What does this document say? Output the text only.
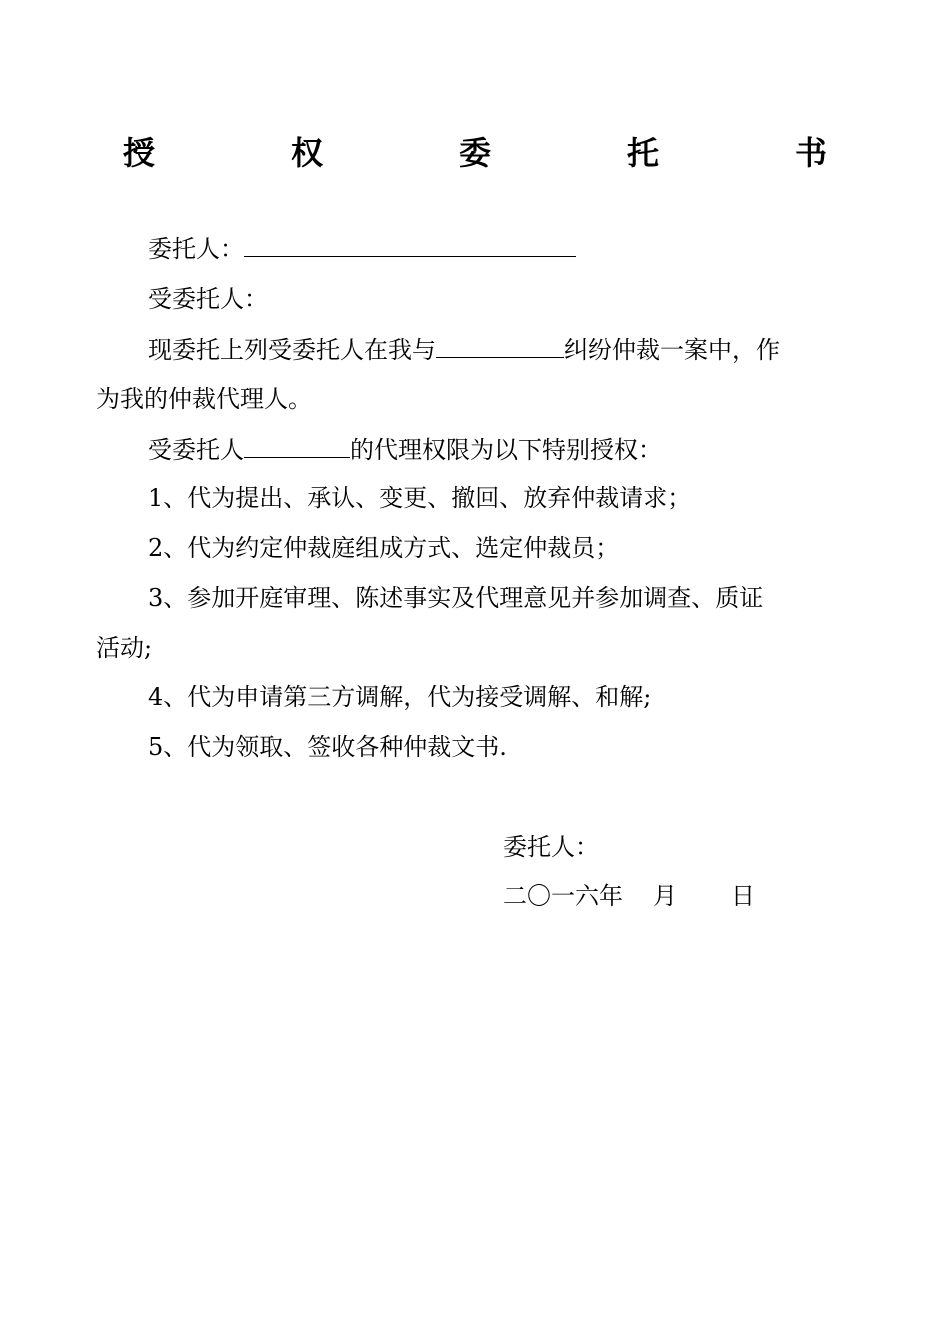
授　权　委　托　书
委托人：
受委托人：
现委托上列受委托人在我与	纠纷仲裁一案中，作
为我的仲裁代理人。
受委托人	的代理权限为以下特别授权：
1、代为提出、承认、变更、撤回、放弃仲裁请求；
2、代为约定仲裁庭组成方式、选定仲裁员；
3、参加开庭审理、陈述事实及代理意见并参加调查、质证
活动;
4、代为申请第三方调解，代为接受调解、和解;
5、代为领取、签收各种仲裁文书.
委托人：
二〇一六年 月 日
